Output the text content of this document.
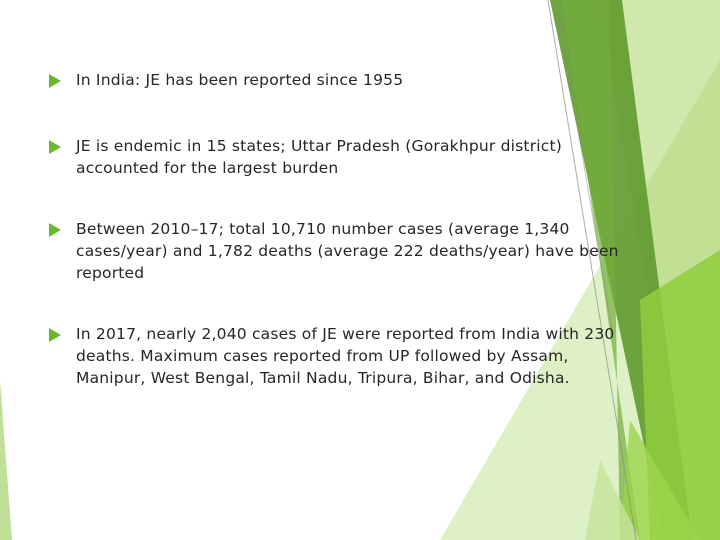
In India: JE has been reported since 1955
JE is endemic in 15 states; Uttar Pradesh (Gorakhpur district)
accounted for the largest burden
Between 2010–17; total 10,710 number cases (average 1,340
cases/year) and 1,782 deaths (average 222 deaths/year) have been
reported
In 2017, nearly 2,040 cases of JE were reported from India with 230
deaths. Maximum cases reported from UP followed by Assam,
Manipur, West Bengal, Tamil Nadu, Tripura, Bihar, and Odisha.
